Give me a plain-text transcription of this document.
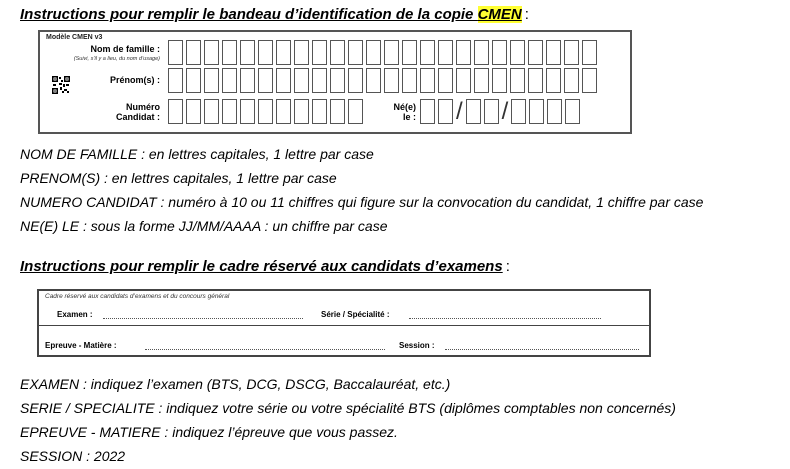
Instructions pour remplir le bandeau d’identification de la copie CMEN :
Modèle CMEN v3
Nom de famille :
(Suivi, s’il y a lieu, du nom d’usage)
Prénom(s) :
Numéro
Candidat :
Né(e)
le : / /
NOM DE FAMILLE : en lettres capitales, 1 lettre par case
PRENOM(S) : en lettres capitales, 1 lettre par case
NUMERO CANDIDAT : numéro à 10 ou 11 chiffres qui figure sur la convocation du candidat, 1 chiffre par case
NE(E) LE : sous la forme JJ/MM/AAAA : un chiffre par case
Instructions pour remplir le cadre réservé aux candidats d’examens :
Cadre réservé aux candidats d’examens et du concours général
Examen :	Série / Spécialité :
Epreuve - Matière :	Session :
EXAMEN : indiquez l’examen (BTS, DCG, DSCG, Baccalauréat, etc.)
SERIE / SPECIALITE : indiquez votre série ou votre spécialité BTS (diplômes comptables non concernés)
EPREUVE - MATIERE : indiquez l’épreuve que vous passez.
SESSION : 2022
